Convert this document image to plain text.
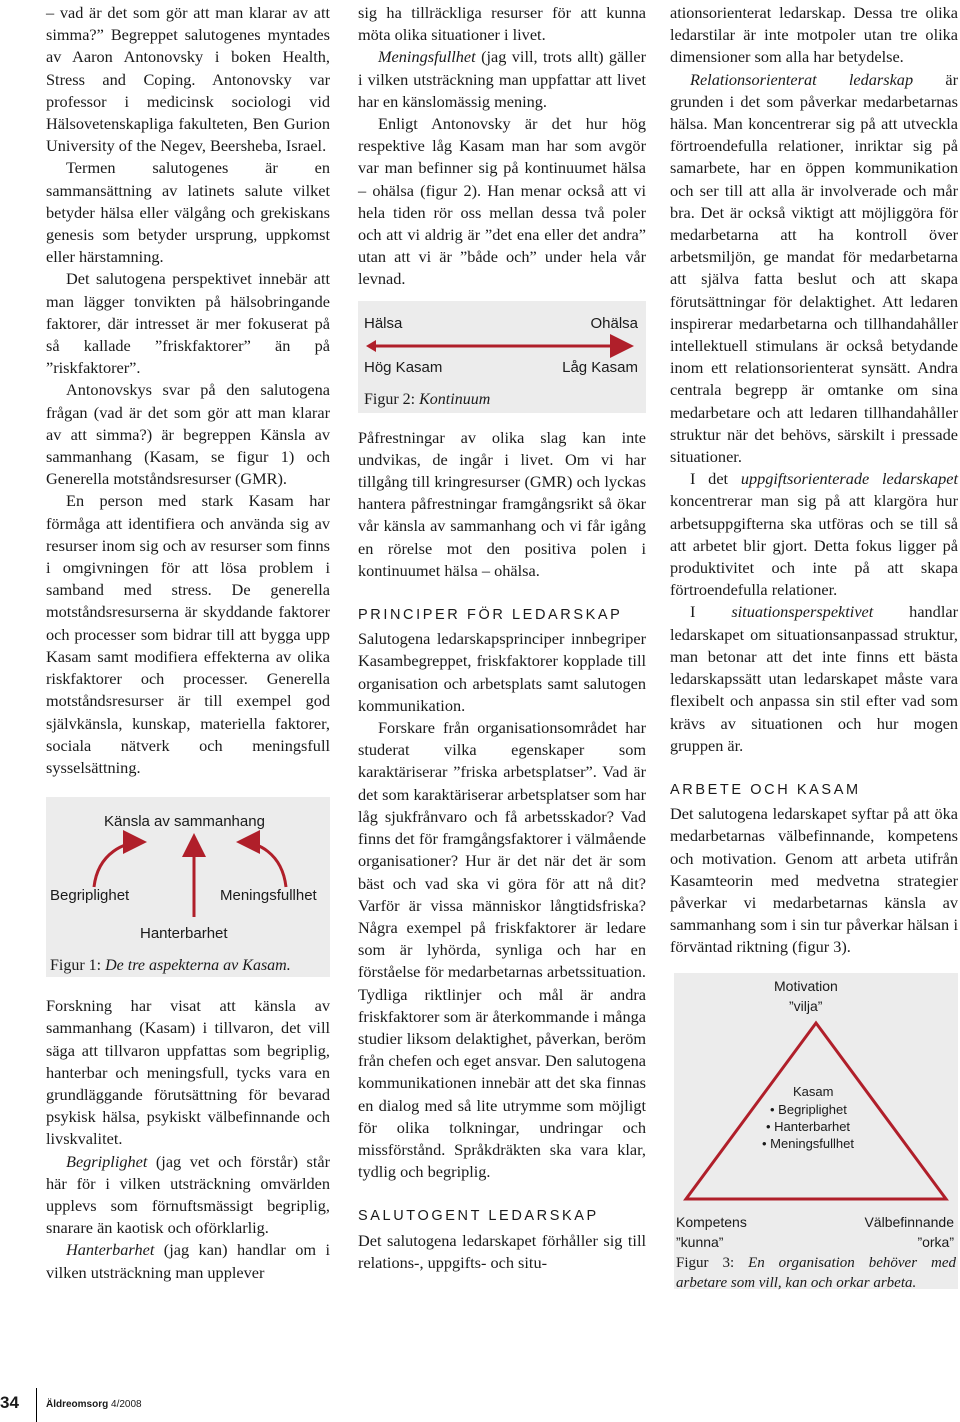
– vad är det som gör att man klarar av att simma?” Begreppet salutogenes myntades av Aaron Antonovsky i boken Health, Stress and Coping. Antonovsky var professor i medicinsk sociologi vid Hälsovetenskapliga fakulteten, Ben Gurion University of the Negev, Beersheba, Israel.

Termen salutogenes är en sammansättning av latinets salute vilket betyder hälsa eller välgång och grekiskans genesis som betyder ursprung, uppkomst eller härstamning.

Det salutogena perspektivet innebär att man lägger tonvikten på hälsobringande faktorer, där intresset är mer fokuserat på så kallade ”friskfaktorer” än på ”riskfaktorer”.

Antonovskys svar på den salutogena frågan (vad är det som gör att man klarar av att simma?) är begreppen Känsla av sammanhang (Kasam, se figur 1) och Generella motståndsresurser (GMR).

En person med stark Kasam har förmåga att identifiera och använda sig av resurser inom sig och av resurser som finns i omgivningen för att lösa problem i samband med stress. De generella motståndsresurserna är skyddande faktorer och processer som bidrar till att bygga upp Kasam samt modifiera effekterna av olika riskfaktorer och processer. Generella motståndsresurser är till exempel god självkänsla, kunskap, materiella faktorer, sociala nätverk och meningsfull sysselsättning.

Känsla av sammanhang
Begriplighet	Meningsfullhet
Hanterbarhet
Figur 1: De tre aspekterna av Kasam.

Forskning har visat att känsla av sammanhang (Kasam) i tillvaron, det vill säga att tillvaron uppfattas som begriplig, hanterbar och meningsfull, tycks vara en grundläggande förutsättning för bevarad psykisk hälsa, psykiskt välbefinnande och livskvalitet.

Begriplighet (jag vet och förstår) står här för i vilken utsträckning omvärlden upplevs som förnuftsmässigt begriplig, snarare än kaotisk och oförklarlig.

Hanterbarhet (jag kan) handlar om i vilken utsträckning man upplever

sig ha tillräckliga resurser för att kunna möta olika situationer i livet.

Meningsfullhet (jag vill, trots allt) gäller i vilken utsträckning man uppfattar att livet har en känslomässig mening.

Enligt Antonovsky är det hur hög respektive låg Kasam man har som avgör var man befinner sig på kontinuumet hälsa – ohälsa (figur 2). Han menar också att vi hela tiden rör oss mellan dessa två poler och att vi aldrig är ”det ena eller det andra” utan att vi är ”både och” under hela vår levnad.

Hälsa	Ohälsa
Hög Kasam	Låg Kasam
Figur 2: Kontinuum

Påfrestningar av olika slag kan inte undvikas, de ingår i livet. Om vi har tillgång till kringresurser (GMR) och lyckas hantera påfrestningar framgångsrikt så ökar vår känsla av sammanhang och vi får igång en rörelse mot den positiva polen i kontinuumet hälsa – ohälsa.

PRINCIPER FÖR LEDARSKAP

Salutogena ledarskapsprinciper innbegriper Kasambegreppet, friskfaktorer kopplade till organisation och arbetsplats samt salutogen kommunikation.

Forskare från organisationsområdet har studerat vilka egenskaper som karaktäriserar ”friska arbetsplatser”. Vad är det som karaktäriserar arbetsplatser som har låg sjukfrånvaro och få arbetsskador? Vad finns det för framgångsfaktorer i välmående organisationer? Hur är det när det är som bäst och vad ska vi göra för att nå dit? Varför är vissa människor långtidsfriska? Några exempel på friskfaktorer är ledare som är lyhörda, synliga och har en förståelse för medarbetarnas arbetssituation. Tydliga riktlinjer och mål är andra friskfaktorer som är återkommande i många studier liksom delaktighet, påverkan, beröm från chefen och eget ansvar. Den salutogena kommunikationen innebär att det ska finnas en dialog med så lite utrymme som möjligt för olika tolkningar, undringar och missförstånd. Språkdräkten ska vara klar, tydlig och begriplig.

SALUTOGENT LEDARSKAP

Det salutogena ledarskapet förhåller sig till relations-, uppgifts- och situ-

ationsorienterat ledarskap. Dessa tre olika ledarstilar är inte motpoler utan tre olika dimensioner som alla har betydelse.

Relationsorienterat ledarskap är grunden i det som påverkar medarbetarnas hälsa. Man koncentrerar sig på att utveckla förtroendefulla relationer, inriktar sig på samarbete, har en öppen kommunikation och ser till att alla är involverade och mår bra. Det är också viktigt att möjliggöra för medarbetarna att ha kontroll över arbetsmiljön, ge mandat för medarbetarna att själva fatta beslut och att skapa förutsättningar för delaktighet. Att ledaren inspirerar medarbetarna och tillhandahåller intellektuell stimulans är också betydande inom ett relationsorienterat synsätt. Andra centrala begrepp är omtanke om sina medarbetare och att ledaren tillhandahåller struktur när det behövs, särskilt i pressade situationer.

I det uppgiftsorienterade ledarskapet koncentrerar man sig på att klargöra hur arbetsuppgifterna ska utföras och se till så att arbetet blir gjort. Detta fokus ligger på produktivitet och inte på att skapa förtroendefulla relationer.

I situationsperspektivet handlar ledarskapet om situationsanpassad struktur, man betonar att det inte finns ett bästa ledarskapssätt utan ledarskapet måste vara flexibelt och anpassa sin stil efter vad som krävs av situationen och hur mogen gruppen är.

ARBETE OCH KASAM

Det salutogena ledarskapet syftar på att öka medarbetarnas välbefinnande, kompetens och motivation. Genom att arbeta utifrån Kasamteorin med medvetna strategier påverkar vi medarbetarnas känsla av sammanhang som i sin tur påverkar hälsan i förväntad riktning (figur 3).

Motivation
”vilja”
Kasam
• Begriplighet
• Hanterbarhet
• Meningsfullhet
Kompetens
”kunna”
Välbefinnande
”orka”
Figur 3: En organisation behöver med arbetare som vill, kan och orkar arbeta.
34	Äldreomsorg 4/2008
